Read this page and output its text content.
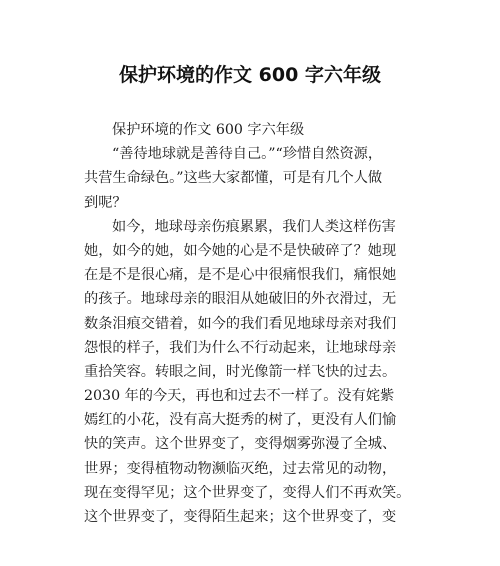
保护环境的作文 600 字六年级
保护环境的作文 600 字六年级
“善待地球就是善待自己。”“珍惜自然资源，
共营生命绿色。”这些大家都懂，可是有几个人做
到呢？
如今，地球母亲伤痕累累，我们人类这样伤害
她，如今的她，如今她的心是不是快破碎了？她现
在是不是很心痛，是不是心中很痛恨我们，痛恨她
的孩子。地球母亲的眼泪从她破旧的外衣滑过，无
数条泪痕交错着，如今的我们看见地球母亲对我们
怨恨的样子，我们为什么不行动起来，让地球母亲
重拾笑容。转眼之间，时光像箭一样飞快的过去。
2030 年的今天，再也和过去不一样了。没有姹紫
嫣红的小花，没有高大挺秀的树了，更没有人们愉
快的笑声。这个世界变了，变得烟雾弥漫了全城、
世界；变得植物动物濒临灭绝，过去常见的动物，
现在变得罕见；这个世界变了，变得人们不再欢笑。
这个世界变了，变得陌生起来；这个世界变了，变
